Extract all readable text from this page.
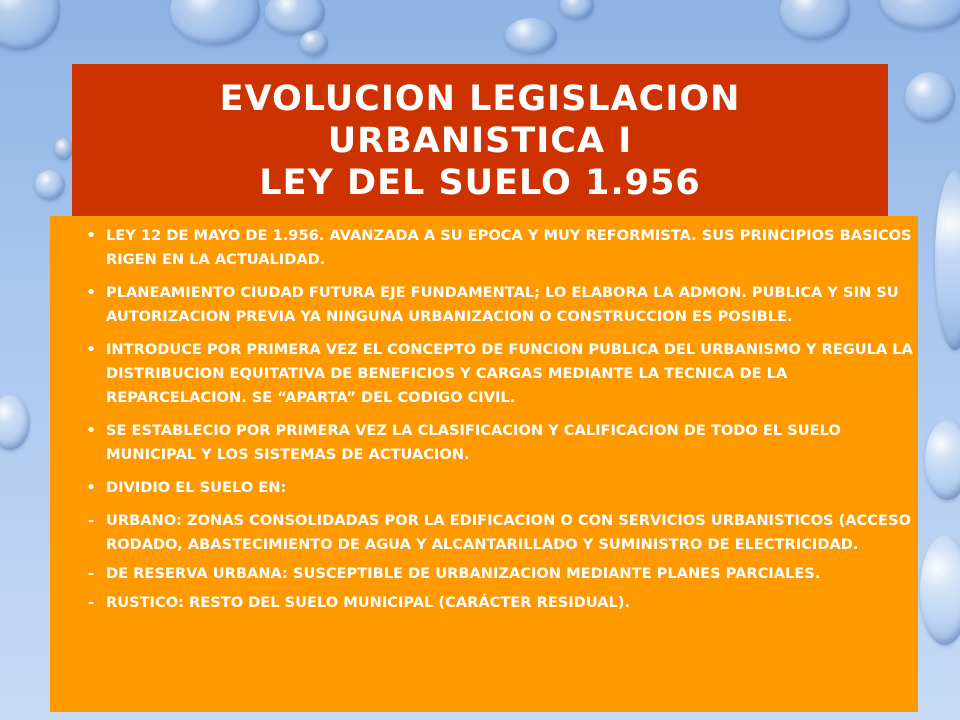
EVOLUCION LEGISLACION
URBANISTICA I
LEY DEL SUELO 1.956
• LEY 12 DE MAYO DE 1.956. AVANZADA A SU EPOCA Y MUY REFORMISTA. SUS PRINCIPIOS BASICOS RIGEN EN LA ACTUALIDAD.
• PLANEAMIENTO CIUDAD FUTURA EJE FUNDAMENTAL; LO ELABORA LA ADMON. PUBLICA Y SIN SU AUTORIZACION PREVIA YA NINGUNA URBANIZACION O CONSTRUCCION ES POSIBLE.
• INTRODUCE POR PRIMERA VEZ EL CONCEPTO DE FUNCION PUBLICA DEL URBANISMO Y REGULA LA DISTRIBUCION EQUITATIVA DE BENEFICIOS Y CARGAS MEDIANTE LA TECNICA DE LA REPARCELACION. SE “APARTA” DEL CODIGO CIVIL.
• SE ESTABLECIO POR PRIMERA VEZ LA CLASIFICACION Y CALIFICACION DE TODO EL SUELO MUNICIPAL Y LOS SISTEMAS DE ACTUACION.
• DIVIDIO EL SUELO EN:
- URBANO: ZONAS CONSOLIDADAS POR LA EDIFICACION O CON SERVICIOS URBANISTICOS (ACCESO RODADO, ABASTECIMIENTO DE AGUA Y ALCANTARILLADO Y SUMINISTRO DE ELECTRICIDAD.
- DE RESERVA URBANA: SUSCEPTIBLE DE URBANIZACION MEDIANTE PLANES PARCIALES.
- RUSTICO: RESTO DEL SUELO MUNICIPAL (CARÁCTER RESIDUAL).
